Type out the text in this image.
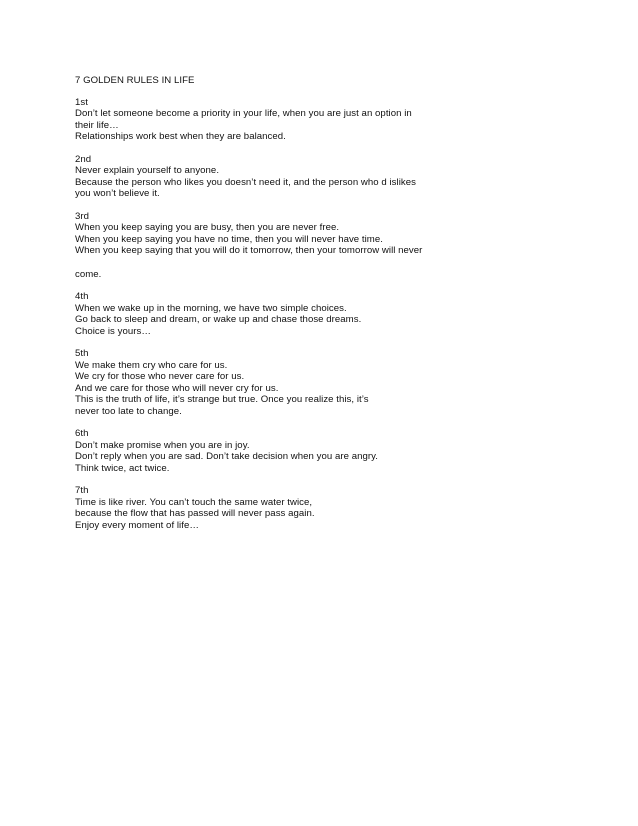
7 GOLDEN RULES IN LIFE
1st
Don’t let someone become a priority in your life, when you are just an option in
their life…
Relationships work best when they are balanced.
2nd
Never explain yourself to anyone.
Because the person who likes you doesn’t need it, and the person who d islikes
you won’t believe it.
3rd
When you keep saying you are busy, then you are never free.
When you keep saying you have no time, then you will never have time.
When you keep saying that you will do it tomorrow, then your tomorrow will never
come.
4th
When we wake up in the morning, we have two simple choices.
Go back to sleep and dream, or wake up and chase those dreams.
Choice is yours…
5th
We make them cry who care for us.
We cry for those who never care for us.
And we care for those who will never cry for us.
This is the truth of life, it’s strange but true. Once you realize this, it’s
never too late to change.
6th
Don’t make promise when you are in joy.
Don’t reply when you are sad. Don’t take decision when you are angry.
Think twice, act twice.
7th
Time is like river. You can’t touch the same water twice,
because the flow that has passed will never pass again.
Enjoy every moment of life…
